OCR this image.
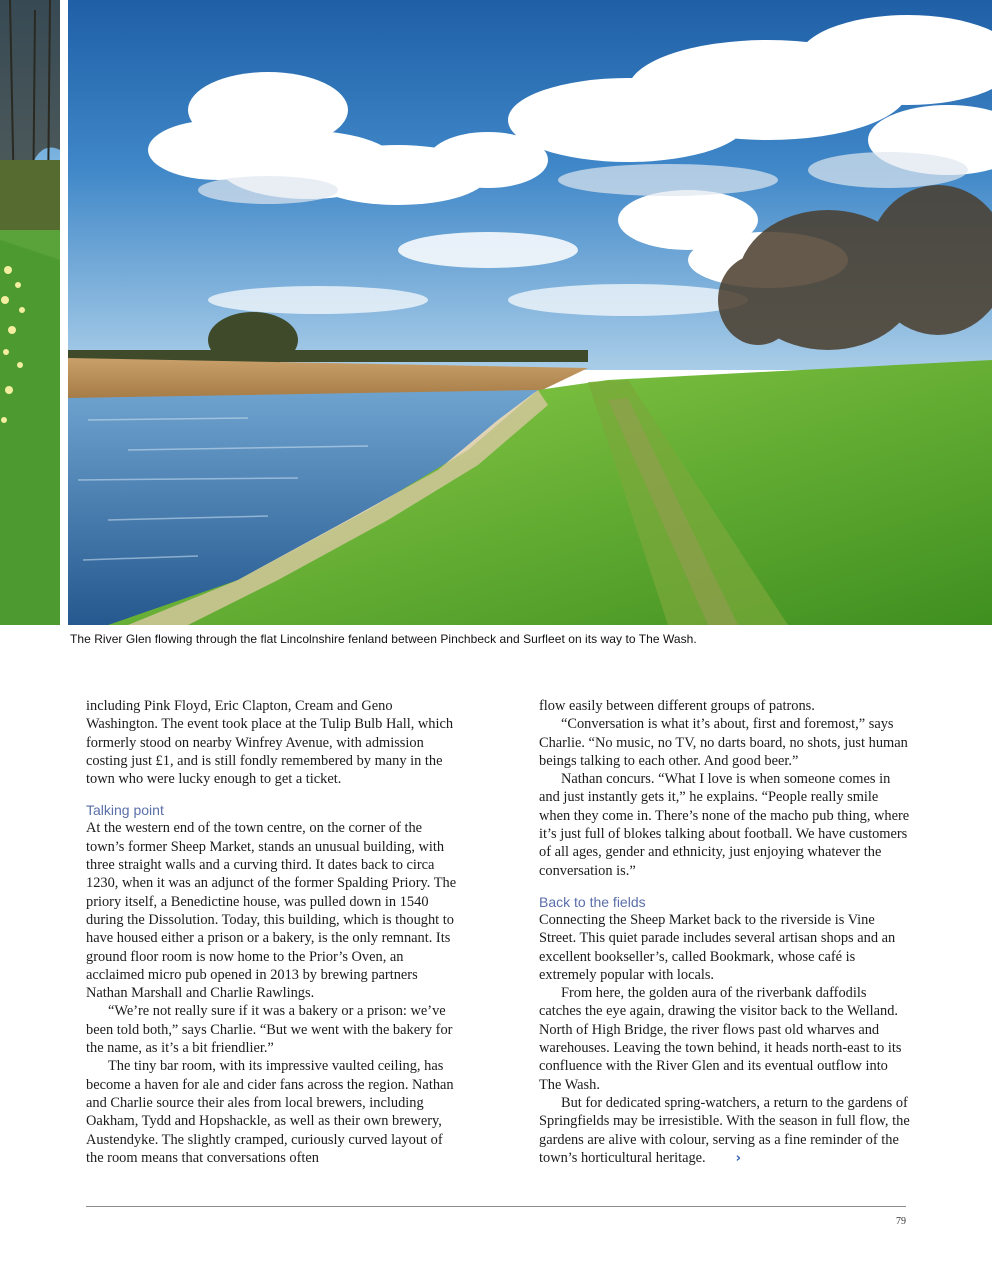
The River Glen flowing through the flat Lincolnshire fenland between Pinchbeck and Surfleet on its way to The Wash.

including Pink Floyd, Eric Clapton, Cream and Geno Washington. The event took place at the Tulip Bulb Hall, which formerly stood on nearby Winfrey Avenue, with admission costing just £1, and is still fondly remembered by many in the town who were lucky enough to get a ticket.

Talking point

At the western end of the town centre, on the corner of the town’s former Sheep Market, stands an unusual building, with three straight walls and a curving third. It dates back to circa 1230, when it was an adjunct of the former Spalding Priory. The priory itself, a Benedictine house, was pulled down in 1540 during the Dissolution. Today, this building, which is thought to have housed either a prison or a bakery, is the only remnant. Its ground floor room is now home to the Prior’s Oven, an acclaimed micro pub opened in 2013 by brewing partners Nathan Marshall and Charlie Rawlings.

“We’re not really sure if it was a bakery or a prison: we’ve been told both,” says Charlie. “But we went with the bakery for the name, as it’s a bit friendlier.”

The tiny bar room, with its impressive vaulted ceiling, has become a haven for ale and cider fans across the region. Nathan and Charlie source their ales from local brewers, including Oakham, Tydd and Hopshackle, as well as their own brewery, Austendyke. The slightly cramped, curiously curved layout of the room means that conversations often

flow easily between different groups of patrons.

“Conversation is what it’s about, first and foremost,” says Charlie. “No music, no TV, no darts board, no shots, just human beings talking to each other. And good beer.”

Nathan concurs. “What I love is when someone comes in and just instantly gets it,” he explains. “People really smile when they come in. There’s none of the macho pub thing, where it’s just full of blokes talking about football. We have customers of all ages, gender and ethnicity, just enjoying whatever the conversation is.”

Back to the fields

Connecting the Sheep Market back to the riverside is Vine Street. This quiet parade includes several artisan shops and an excellent bookseller’s, called Bookmark, whose café is extremely popular with locals.

From here, the golden aura of the riverbank daffodils catches the eye again, drawing the visitor back to the Welland. North of High Bridge, the river flows past old wharves and warehouses. Leaving the town behind, it heads north-east to its confluence with the River Glen and its eventual outflow into The Wash.

But for dedicated spring-watchers, a return to the gardens of Springfields may be irresistible. With the season in full flow, the gardens are alive with colour, serving as a fine reminder of the town’s horticultural heritage. ›

79
